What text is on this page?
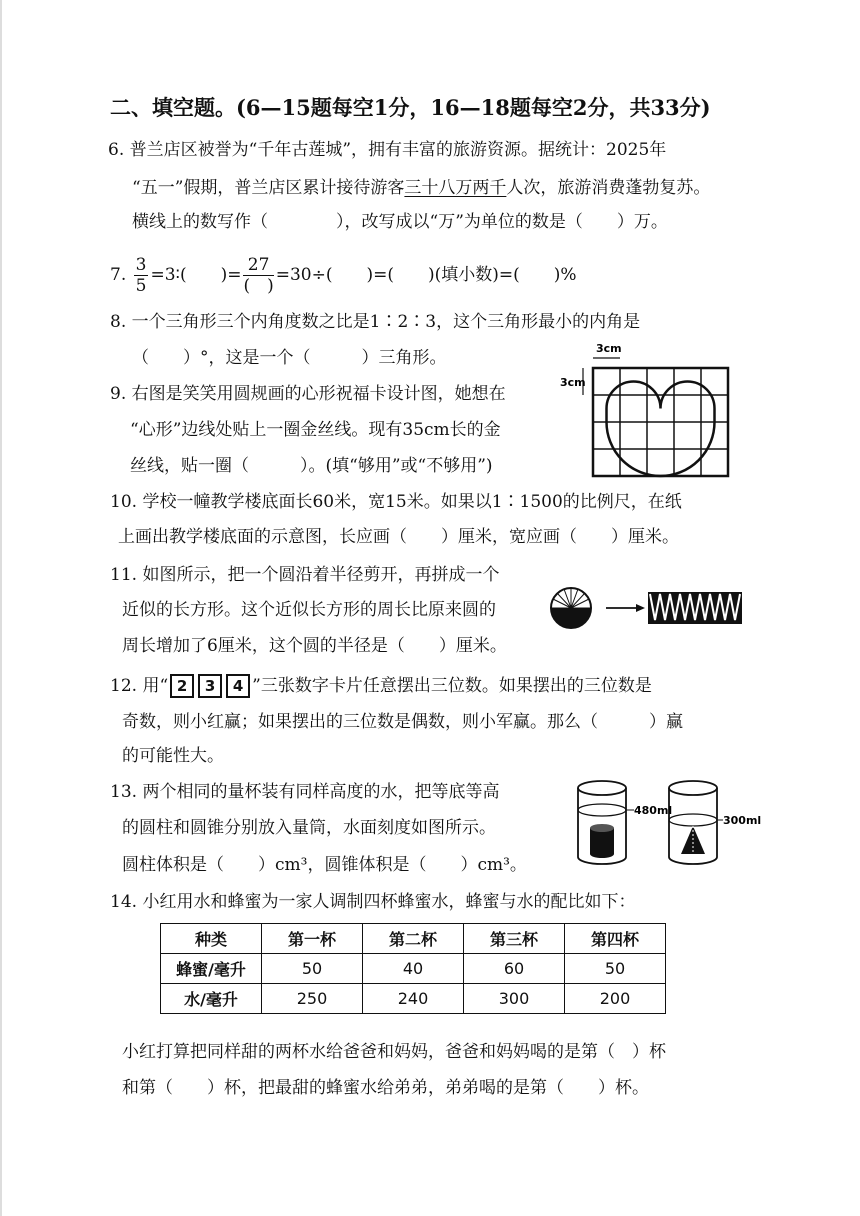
二、填空题。(6—15题每空1分，16—18题每空2分，共33分)
6. 普兰店区被誉为“千年古莲城”，拥有丰富的旅游资源。据统计：2025年
“五一”假期，普兰店区累计接待游客三十八万两千人次，旅游消费蓬勃复苏。
横线上的数写作（　　　　），改写成以“万”为单位的数是（　　）万。
7. $\frac{3}{5}$ =3∶(　　)= $\frac{27}{( )} =30\div$(　　)=(　　)(填小数)=(　　)%
8. 一个三角形三个内角度数之比是1∶2∶3，这个三角形最小的内角是
（　　）°，这是一个（　　　）三角形。
9. 右图是笑笑用圆规画的心形祝福卡设计图，她想在
“心形”边线处贴上一圈金丝线。现有35cm长的金
丝线，贴一圈（　　　）。(填“够用”或“不够用”)
3cm
3cm
10. 学校一幢教学楼底面长60米，宽15米。如果以1∶1500的比例尺，在纸
上画出教学楼底面的示意图，长应画（　　）厘米，宽应画（　　）厘米。
11. 如图所示，把一个圆沿着半径剪开，再拼成一个
近似的长方形。这个近似长方形的周长比原来圆的
周长增加了6厘米，这个圆的半径是（　　）厘米。
12. 用“ 2 3 4 ”三张数字卡片任意摆出三位数。如果摆出的三位数是
奇数，则小红赢；如果摆出的三位数是偶数，则小军赢。那么（　　　）赢
的可能性大。
13. 两个相同的量杯装有同样高度的水，把等底等高
的圆柱和圆锥分别放入量筒，水面刻度如图所示。
圆柱体积是（　　）cm³，圆锥体积是（　　）cm³。
480ml
300ml
14. 小红用水和蜂蜜为一家人调制四杯蜂蜜水，蜂蜜与水的配比如下：
种类	第一杯	第二杯	第三杯	第四杯
蜂蜜/毫升	50	40	60	50
水/毫升	250	240	300	200
小红打算把同样甜的两杯水给爸爸和妈妈，爸爸和妈妈喝的是第（　）杯
和第（　　）杯，把最甜的蜂蜜水给弟弟，弟弟喝的是第（　　）杯。
